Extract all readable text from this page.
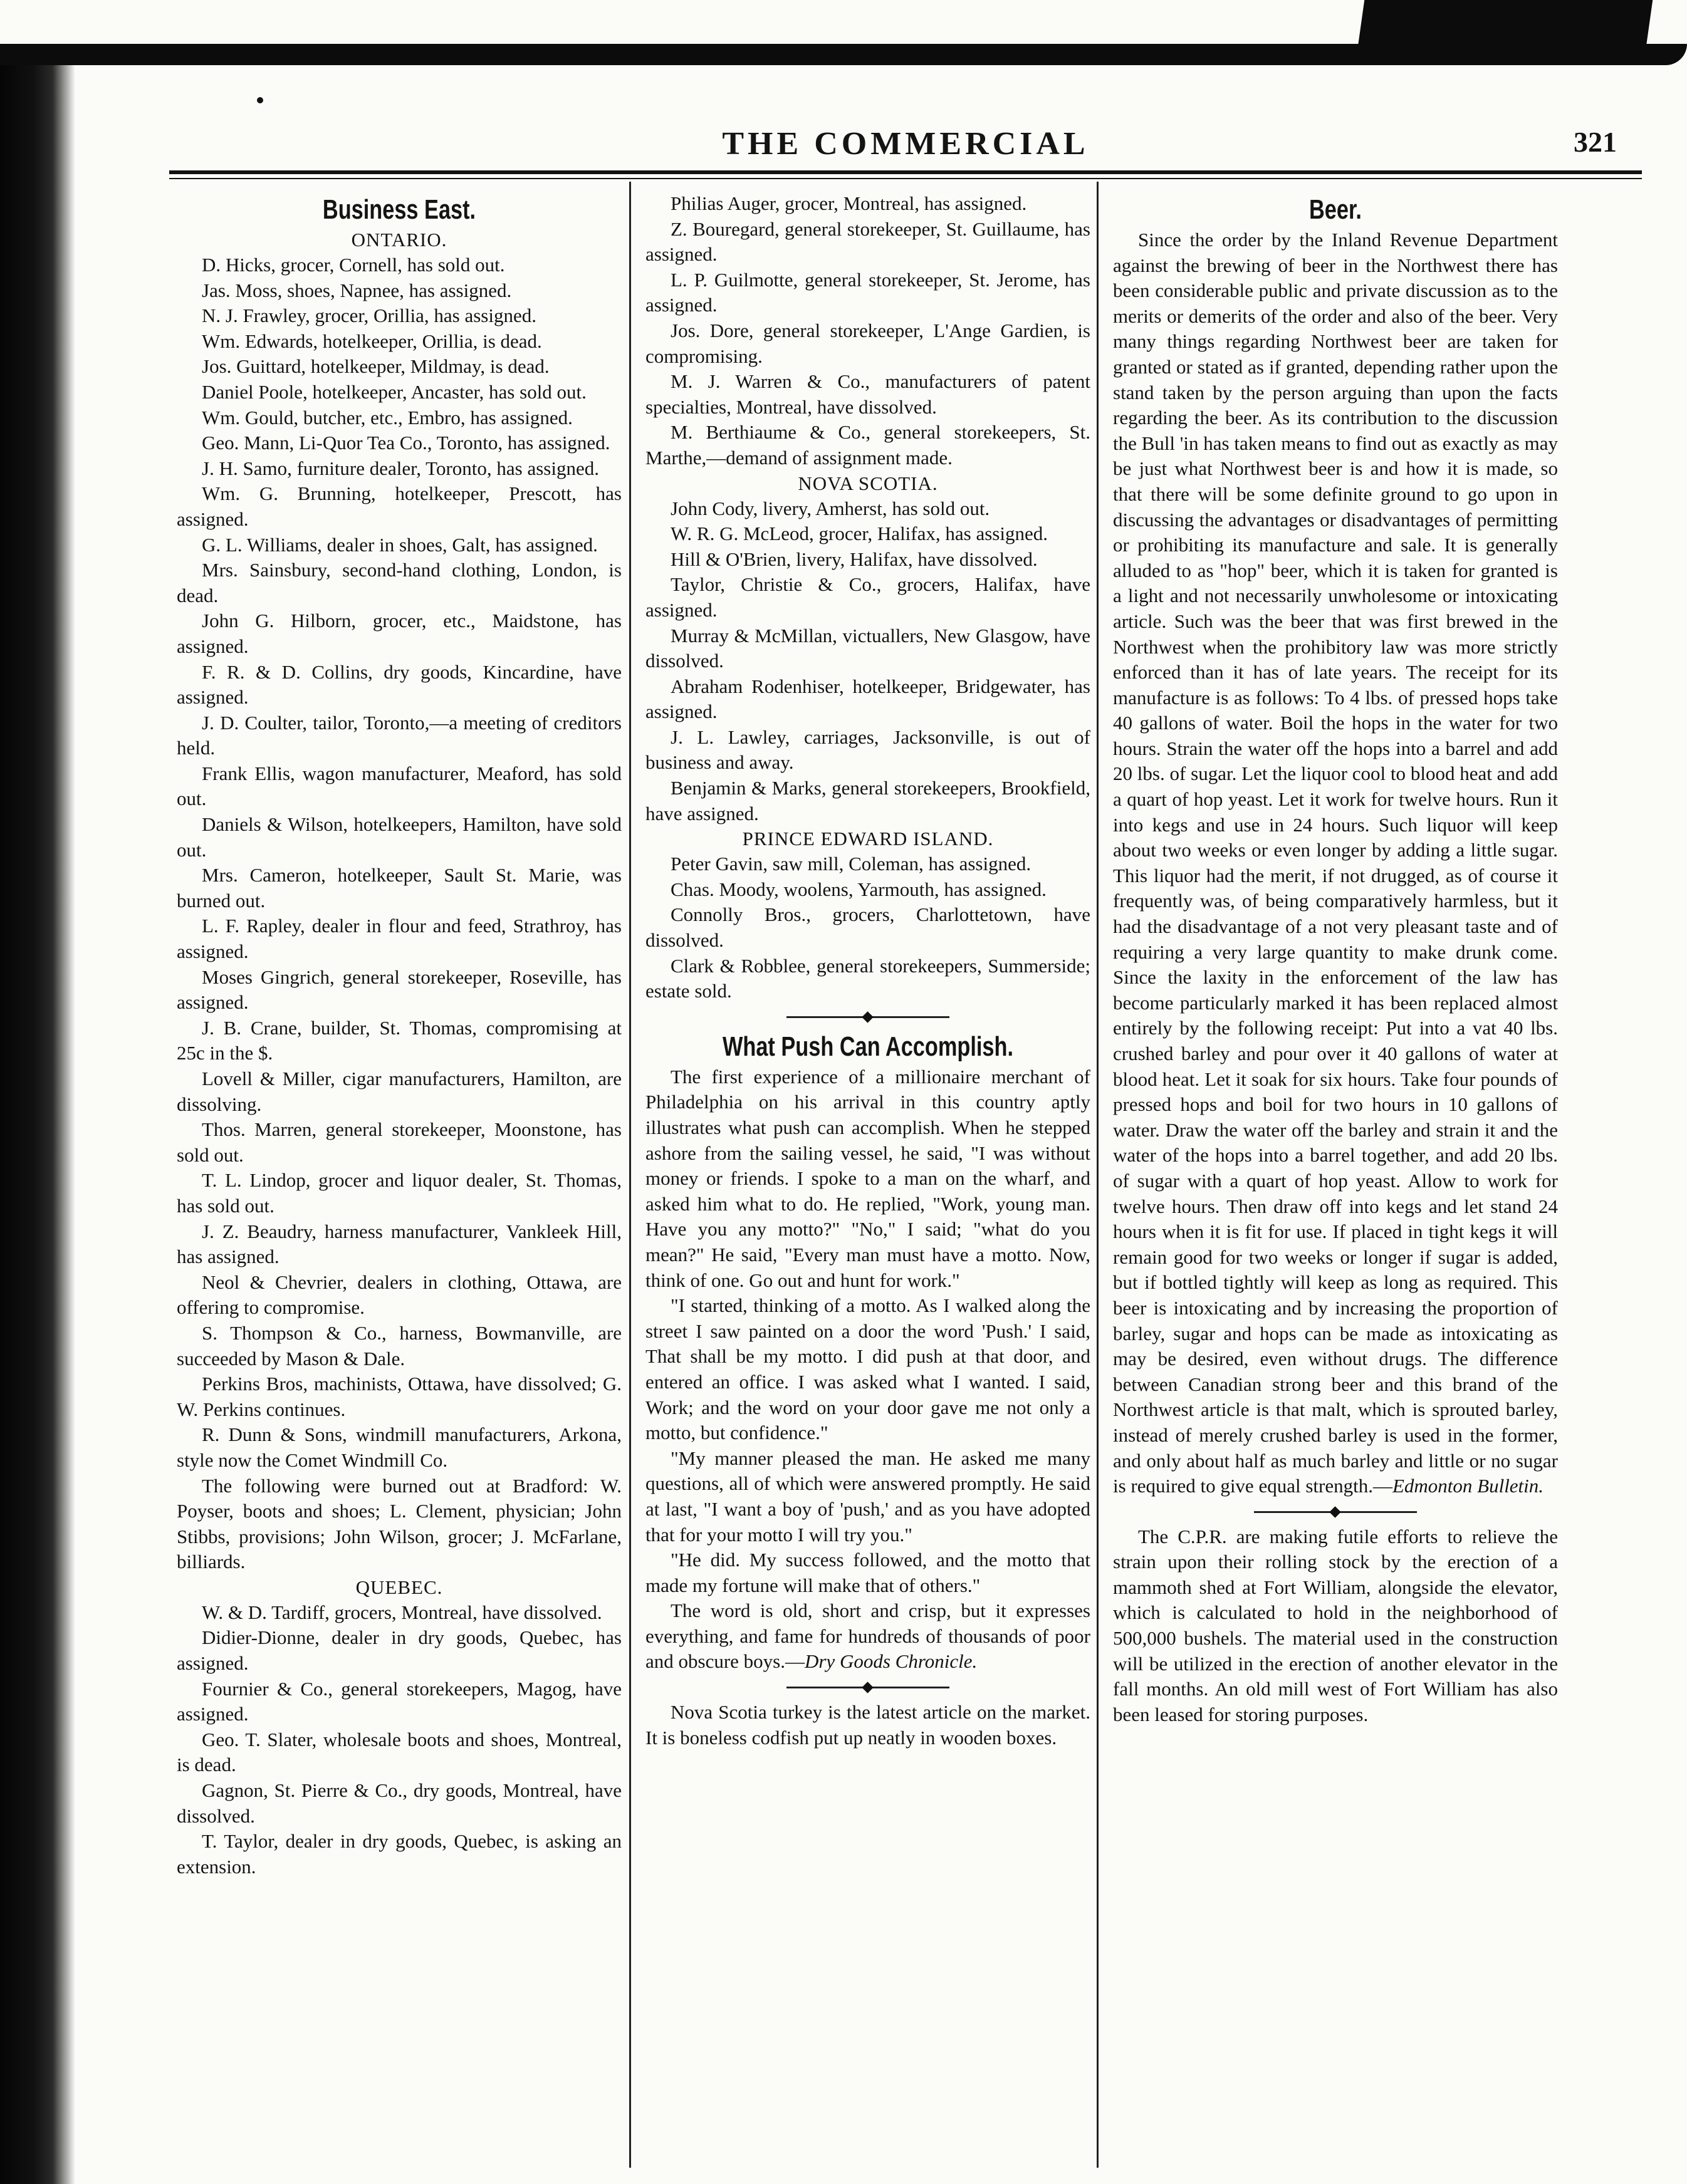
THE COMMERCIAL	321
Business East.
ONTARIO.

D. Hicks, grocer, Cornell, has sold out.

Jas. Moss, shoes, Napnee, has assigned.

N. J. Frawley, grocer, Orillia, has assigned.

Wm. Edwards, hotelkeeper, Orillia, is dead.

Jos. Guittard, hotelkeeper, Mildmay, is dead.

Daniel Poole, hotelkeeper, Ancaster, has sold out.

Wm. Gould, butcher, etc., Embro, has assigned.

Geo. Mann, Li-Quor Tea Co., Toronto, has assigned.

J. H. Samo, furniture dealer, Toronto, has assigned.

Wm. G. Brunning, hotelkeeper, Prescott, has assigned.

G. L. Williams, dealer in shoes, Galt, has assigned.

Mrs. Sainsbury, second-hand clothing, London, is dead.

John G. Hilborn, grocer, etc., Maidstone, has assigned.

F. R. & D. Collins, dry goods, Kincardine, have assigned.

J. D. Coulter, tailor, Toronto,—a meeting of creditors held.

Frank Ellis, wagon manufacturer, Meaford, has sold out.

Daniels & Wilson, hotelkeepers, Hamilton, have sold out.

Mrs. Cameron, hotelkeeper, Sault St. Marie, was burned out.

L. F. Rapley, dealer in flour and feed, Strathroy, has assigned.

Moses Gingrich, general storekeeper, Roseville, has assigned.

J. B. Crane, builder, St. Thomas, compromising at 25c in the $.

Lovell & Miller, cigar manufacturers, Hamilton, are dissolving.

Thos. Marren, general storekeeper, Moonstone, has sold out.

T. L. Lindop, grocer and liquor dealer, St. Thomas, has sold out.

J. Z. Beaudry, harness manufacturer, Vankleek Hill, has assigned.

Neol & Chevrier, dealers in clothing, Ottawa, are offering to compromise.

S. Thompson & Co., harness, Bowmanville, are succeeded by Mason & Dale.

Perkins Bros, machinists, Ottawa, have dissolved; G. W. Perkins continues.

R. Dunn & Sons, windmill manufacturers, Arkona, style now the Comet Windmill Co.

The following were burned out at Bradford: W. Poyser, boots and shoes; L. Clement, physician; John Stibbs, provisions; John Wilson, grocer; J. McFarlane, billiards.

QUEBEC.

W. & D. Tardiff, grocers, Montreal, have dissolved.

Didier-Dionne, dealer in dry goods, Quebec, has assigned.

Fournier & Co., general storekeepers, Magog, have assigned.

Geo. T. Slater, wholesale boots and shoes, Montreal, is dead.

Gagnon, St. Pierre & Co., dry goods, Montreal, have dissolved.

T. Taylor, dealer in dry goods, Quebec, is asking an extension.

Philias Auger, grocer, Montreal, has assigned.

Z. Bouregard, general storekeeper, St. Guillaume, has assigned.

L. P. Guilmotte, general storekeeper, St. Jerome, has assigned.

Jos. Dore, general storekeeper, L'Ange Gardien, is compromising.

M. J. Warren & Co., manufacturers of patent specialties, Montreal, have dissolved.

M. Berthiaume & Co., general storekeepers, St. Marthe,—demand of assignment made.

NOVA SCOTIA.

John Cody, livery, Amherst, has sold out.

W. R. G. McLeod, grocer, Halifax, has assigned.

Hill & O'Brien, livery, Halifax, have dissolved.

Taylor, Christie & Co., grocers, Halifax, have assigned.

Murray & McMillan, victuallers, New Glasgow, have dissolved.

Abraham Rodenhiser, hotelkeeper, Bridgewater, has assigned.

J. L. Lawley, carriages, Jacksonville, is out of business and away.

Benjamin & Marks, general storekeepers, Brookfield, have assigned.

PRINCE EDWARD ISLAND.

Peter Gavin, saw mill, Coleman, has assigned.

Chas. Moody, woolens, Yarmouth, has assigned.

Connolly Bros., grocers, Charlottetown, have dissolved.

Clark & Robblee, general storekeepers, Summerside; estate sold.

What Push Can Accomplish.

The first experience of a millionaire merchant of Philadelphia on his arrival in this country aptly illustrates what push can accomplish. When he stepped ashore from the sailing vessel, he said, "I was without money or friends. I spoke to a man on the wharf, and asked him what to do. He replied, "Work, young man. Have you any motto?" "No," I said; "what do you mean?" He said, "Every man must have a motto. Now, think of one. Go out and hunt for work."

"I started, thinking of a motto. As I walked along the street I saw painted on a door the word 'Push.' I said, That shall be my motto. I did push at that door, and entered an office. I was asked what I wanted. I said, Work; and the word on your door gave me not only a motto, but confidence."

"My manner pleased the man. He asked me many questions, all of which were answered promptly. He said at last, "I want a boy of 'push,' and as you have adopted that for your motto I will try you."

"He did. My success followed, and the motto that made my fortune will make that of others."

The word is old, short and crisp, but it expresses everything, and fame for hundreds of thousands of poor and obscure boys.—Dry Goods Chronicle.

Nova Scotia turkey is the latest article on the market. It is boneless codfish put up neatly in wooden boxes.

Beer.

Since the order by the Inland Revenue Department against the brewing of beer in the Northwest there has been considerable public and private discussion as to the merits or demerits of the order and also of the beer. Very many things regarding Northwest beer are taken for granted or stated as if granted, depending rather upon the stand taken by the person arguing than upon the facts regarding the beer. As its contribution to the discussion the Bull 'in has taken means to find out as exactly as may be just what Northwest beer is and how it is made, so that there will be some definite ground to go upon in discussing the advantages or disadvantages of permitting or prohibiting its manufacture and sale. It is generally alluded to as "hop" beer, which it is taken for granted is a light and not necessarily unwholesome or intoxicating article. Such was the beer that was first brewed in the Northwest when the prohibitory law was more strictly enforced than it has of late years. The receipt for its manufacture is as follows: To 4 lbs. of pressed hops take 40 gallons of water. Boil the hops in the water for two hours. Strain the water off the hops into a barrel and add 20 lbs. of sugar. Let the liquor cool to blood heat and add a quart of hop yeast. Let it work for twelve hours. Run it into kegs and use in 24 hours. Such liquor will keep about two weeks or even longer by adding a little sugar. This liquor had the merit, if not drugged, as of course it frequently was, of being comparatively harmless, but it had the disadvantage of a not very pleasant taste and of requiring a very large quantity to make drunk come. Since the laxity in the enforcement of the law has become particularly marked it has been replaced almost entirely by the following receipt: Put into a vat 40 lbs. crushed barley and pour over it 40 gallons of water at blood heat. Let it soak for six hours. Take four pounds of pressed hops and boil for two hours in 10 gallons of water. Draw the water off the barley and strain it and the water of the hops into a barrel together, and add 20 lbs. of sugar with a quart of hop yeast. Allow to work for twelve hours. Then draw off into kegs and let stand 24 hours when it is fit for use. If placed in tight kegs it will remain good for two weeks or longer if sugar is added, but if bottled tightly will keep as long as required. This beer is intoxicating and by increasing the proportion of barley, sugar and hops can be made as intoxicating as may be desired, even without drugs. The difference between Canadian strong beer and this brand of the Northwest article is that malt, which is sprouted barley, instead of merely crushed barley is used in the former, and only about half as much barley and little or no sugar is required to give equal strength.—Edmonton Bulletin.

The C.P.R. are making futile efforts to relieve the strain upon their rolling stock by the erection of a mammoth shed at Fort William, alongside the elevator, which is calculated to hold in the neighborhood of 500,000 bushels. The material used in the construction will be utilized in the erection of another elevator in the fall months. An old mill west of Fort William has also been leased for storing purposes.
